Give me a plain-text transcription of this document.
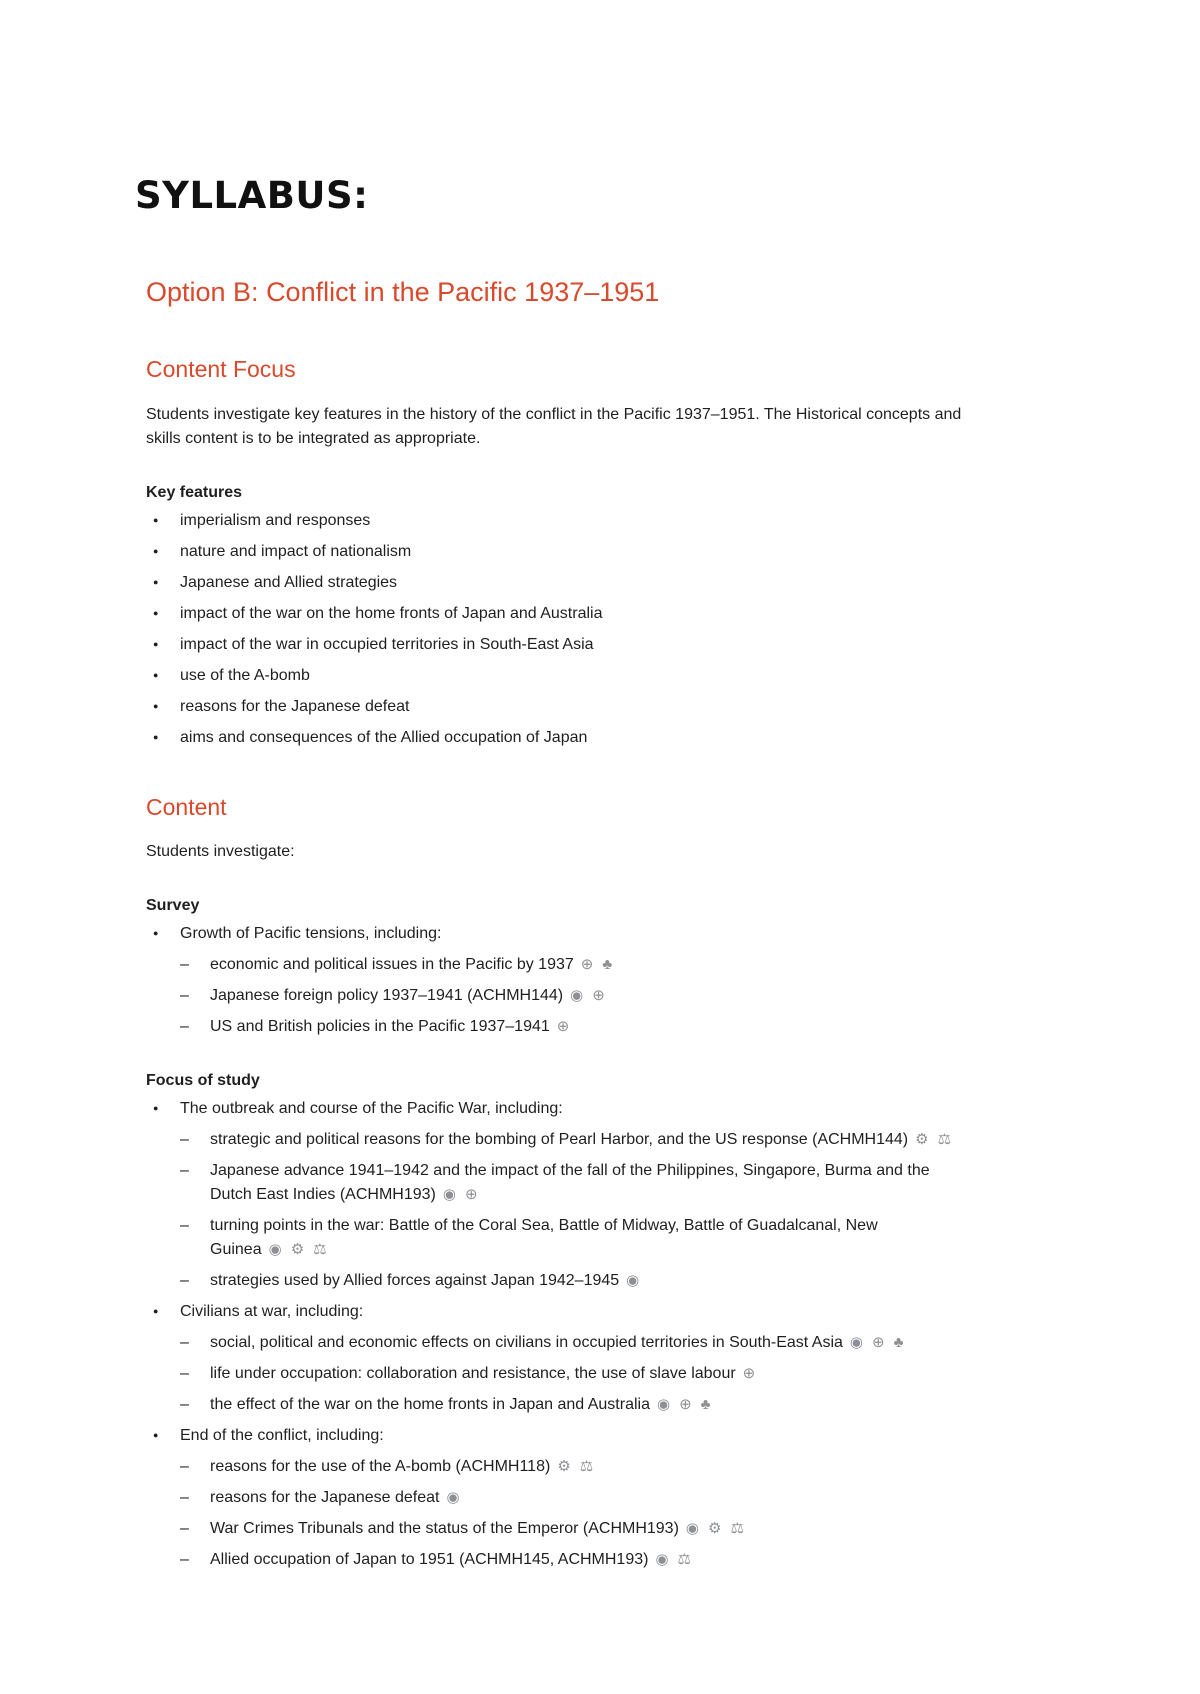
SYLLABUS:
Option B: Conflict in the Pacific 1937–1951
Content Focus

Students investigate key features in the history of the conflict in the Pacific 1937–1951. The Historical concepts and skills content is to be integrated as appropriate.

Key features

● imperialism and responses
● nature and impact of nationalism
● Japanese and Allied strategies
● impact of the war on the home fronts of Japan and Australia
● impact of the war in occupied territories in South-East Asia
● use of the A-bomb
● reasons for the Japanese defeat
● aims and consequences of the Allied occupation of Japan
Content

Students investigate:

Survey

● Growth of Pacific tensions, including:
– economic and political issues in the Pacific by 1937 ⊕ ♣
– Japanese foreign policy 1937–1941 (ACHMH144) ◉ ⊕
– US and British policies in the Pacific 1937–1941 ⊕

Focus of study

● The outbreak and course of the Pacific War, including:
– strategic and political reasons for the bombing of Pearl Harbor, and the US response (ACHMH144) ⚙ ⚖
– Japanese advance 1941–1942 and the impact of the fall of the Philippines, Singapore, Burma and the Dutch East Indies (ACHMH193) ◉ ⊕
– turning points in the war: Battle of the Coral Sea, Battle of Midway, Battle of Guadalcanal, New Guinea ◉ ⚙ ⚖
– strategies used by Allied forces against Japan 1942–1945 ◉
● Civilians at war, including:
– social, political and economic effects on civilians in occupied territories in South-East Asia ◉ ⊕ ♣
– life under occupation: collaboration and resistance, the use of slave labour ⊕
– the effect of the war on the home fronts in Japan and Australia ◉ ⊕ ♣
● End of the conflict, including:
– reasons for the use of the A-bomb (ACHMH118) ⚙ ⚖
– reasons for the Japanese defeat ◉
– War Crimes Tribunals and the status of the Emperor (ACHMH193) ◉ ⚙ ⚖
– Allied occupation of Japan to 1951 (ACHMH145, ACHMH193) ◉ ⚖
